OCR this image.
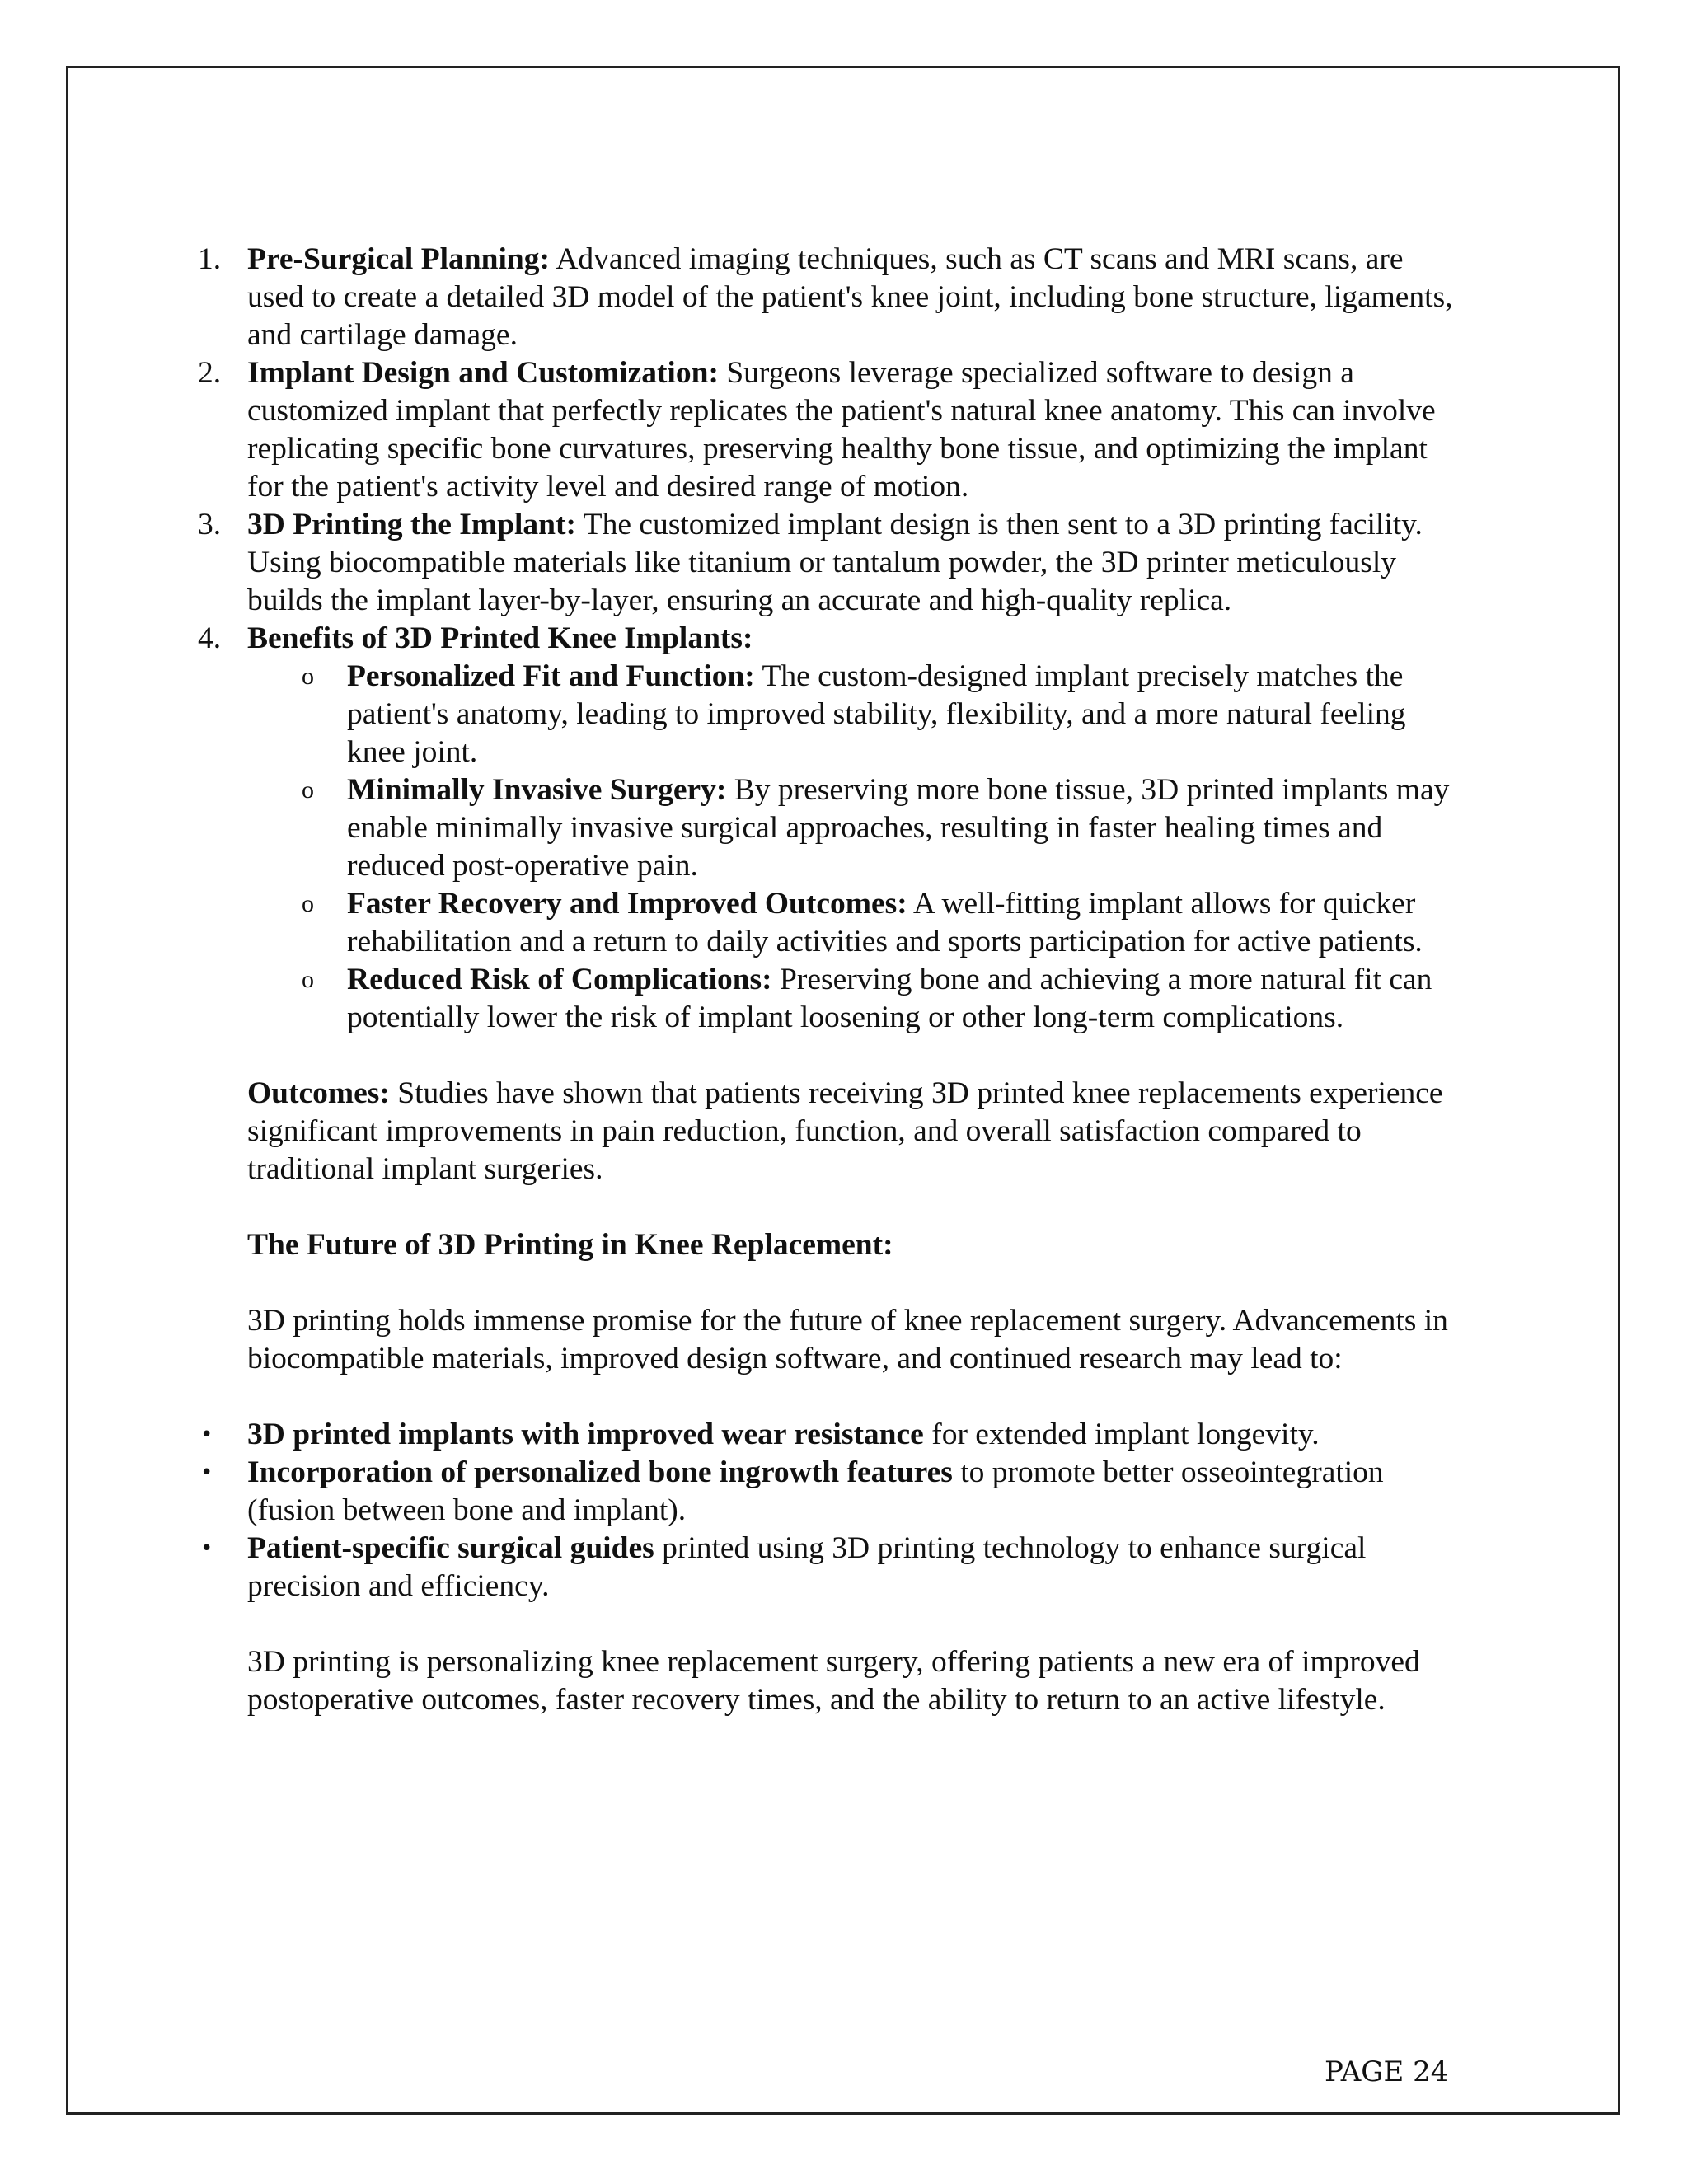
1. Pre-Surgical Planning: Advanced imaging techniques, such as CT scans and MRI scans, are used to create a detailed 3D model of the patient's knee joint, including bone structure, ligaments, and cartilage damage.
2. Implant Design and Customization: Surgeons leverage specialized software to design a customized implant that perfectly replicates the patient's natural knee anatomy. This can involve replicating specific bone curvatures, preserving healthy bone tissue, and optimizing the implant for the patient's activity level and desired range of motion.
3. 3D Printing the Implant: The customized implant design is then sent to a 3D printing facility. Using biocompatible materials like titanium or tantalum powder, the 3D printer meticulously builds the implant layer-by-layer, ensuring an accurate and high-quality replica.
4. Benefits of 3D Printed Knee Implants:
o Personalized Fit and Function: The custom-designed implant precisely matches the patient's anatomy, leading to improved stability, flexibility, and a more natural feeling knee joint.
o Minimally Invasive Surgery: By preserving more bone tissue, 3D printed implants may enable minimally invasive surgical approaches, resulting in faster healing times and reduced post-operative pain.
o Faster Recovery and Improved Outcomes: A well-fitting implant allows for quicker rehabilitation and a return to daily activities and sports participation for active patients.
o Reduced Risk of Complications: Preserving bone and achieving a more natural fit can potentially lower the risk of implant loosening or other long-term complications.

Outcomes: Studies have shown that patients receiving 3D printed knee replacements experience significant improvements in pain reduction, function, and overall satisfaction compared to traditional implant surgeries.

The Future of 3D Printing in Knee Replacement:

3D printing holds immense promise for the future of knee replacement surgery. Advancements in biocompatible materials, improved design software, and continued research may lead to:

• 3D printed implants with improved wear resistance for extended implant longevity.
• Incorporation of personalized bone ingrowth features to promote better osseointegration (fusion between bone and implant).
• Patient-specific surgical guides printed using 3D printing technology to enhance surgical precision and efficiency.

3D printing is personalizing knee replacement surgery, offering patients a new era of improved postoperative outcomes, faster recovery times, and the ability to return to an active lifestyle.

PAGE 24
